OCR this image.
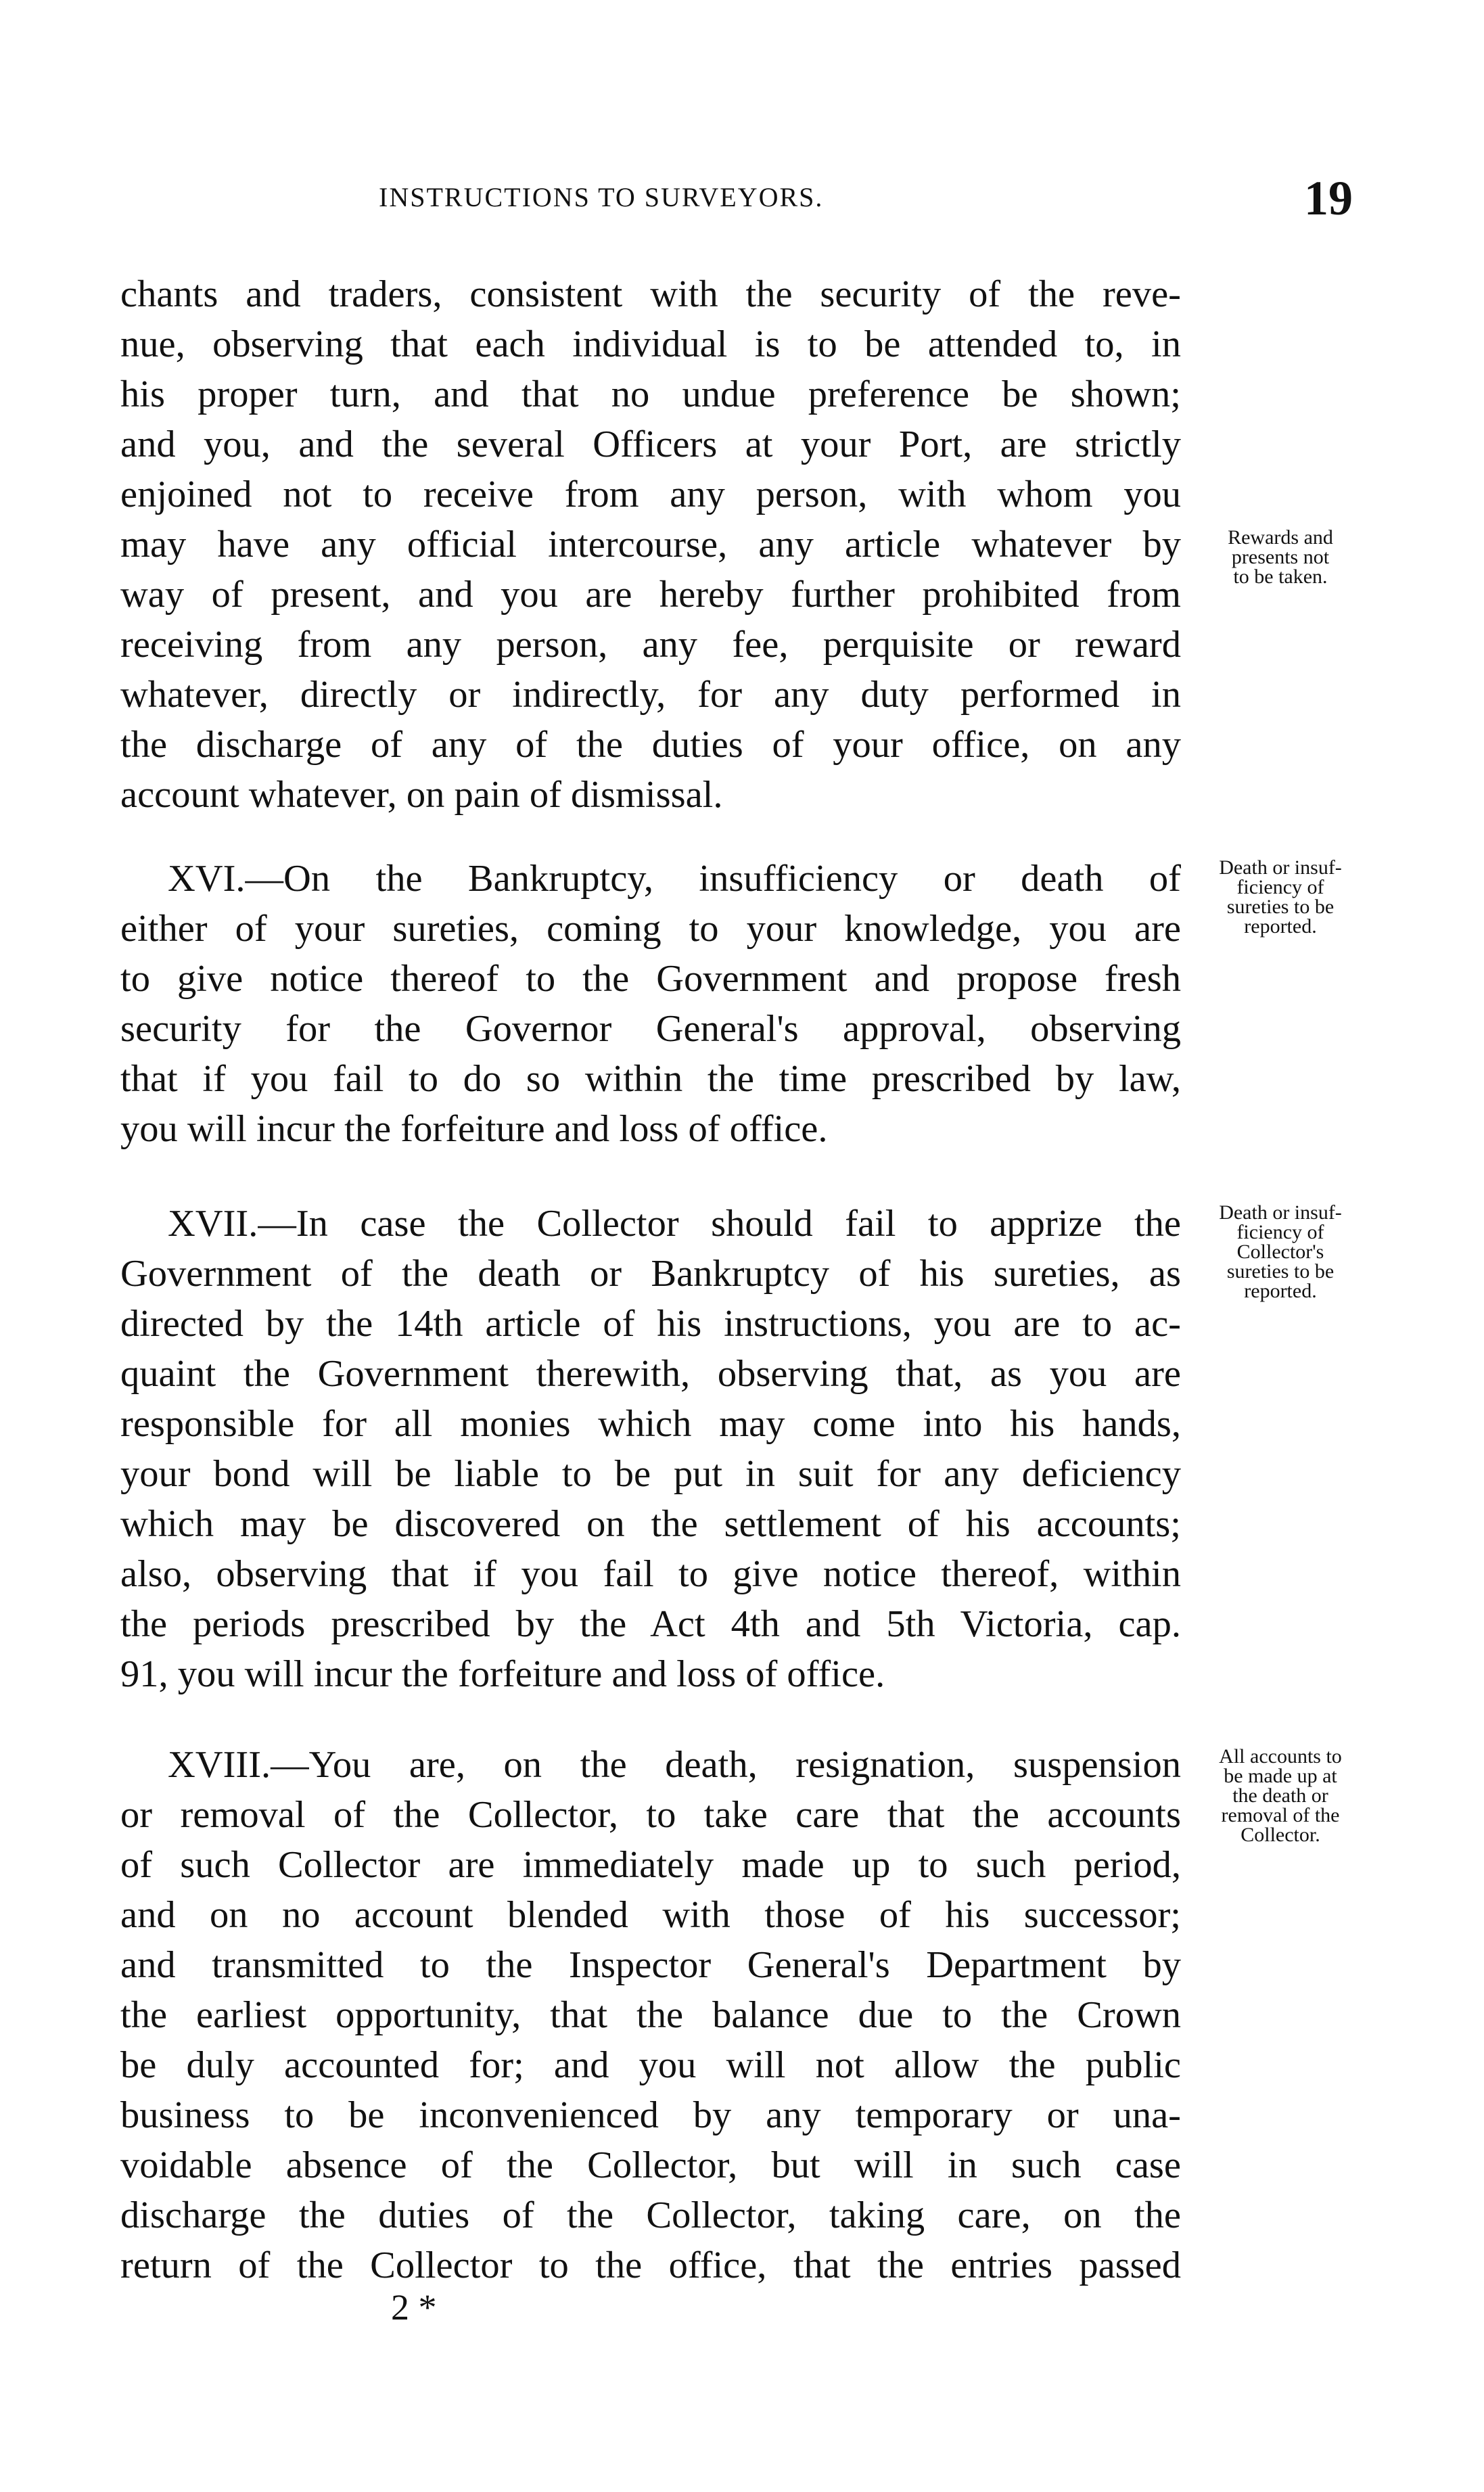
INSTRUCTIONS TO SURVEYORS.	19
chants and traders, consistent with the security of the reve-
nue, observing that each individual is to be attended to, in
his proper turn, and that no undue preference be shown;
and you, and the several Officers at your Port, are strictly
enjoined not to receive from any person, with whom you
may have any official intercourse, any article whatever by
way of present, and you are hereby further prohibited from
receiving from any person, any fee, perquisite or reward
whatever, directly or indirectly, for any duty performed in
the discharge of any of the duties of your office, on any
account whatever, on pain of dismissal.
Rewards and
presents not
to be taken.
XVI.—On the Bankruptcy, insufficiency or death of
either of your sureties, coming to your knowledge, you are
to give notice thereof to the Government and propose fresh
security for the Governor General's approval, observing
that if you fail to do so within the time prescribed by law,
you will incur the forfeiture and loss of office.
Death or insuf-
ficiency of
sureties to be
reported.
XVII.—In case the Collector should fail to apprize the
Government of the death or Bankruptcy of his sureties, as
directed by the 14th article of his instructions, you are to ac-
quaint the Government therewith, observing that, as you are
responsible for all monies which may come into his hands,
your bond will be liable to be put in suit for any deficiency
which may be discovered on the settlement of his accounts;
also, observing that if you fail to give notice thereof, within
the periods prescribed by the Act 4th and 5th Victoria, cap.
91, you will incur the forfeiture and loss of office.
Death or insuf-
ficiency of
Collector's
sureties to be
reported.
XVIII.—You are, on the death, resignation, suspension
or removal of the Collector, to take care that the accounts
of such Collector are immediately made up to such period,
and on no account blended with those of his successor;
and transmitted to the Inspector General's Department by
the earliest opportunity, that the balance due to the Crown
be duly accounted for; and you will not allow the public
business to be inconvenienced by any temporary or una-
voidable absence of the Collector, but will in such case
discharge the duties of the Collector, taking care, on the
return of the Collector to the office, that the entries passed
All accounts to
be made up at
the death or
removal of the
Collector.
2 *
